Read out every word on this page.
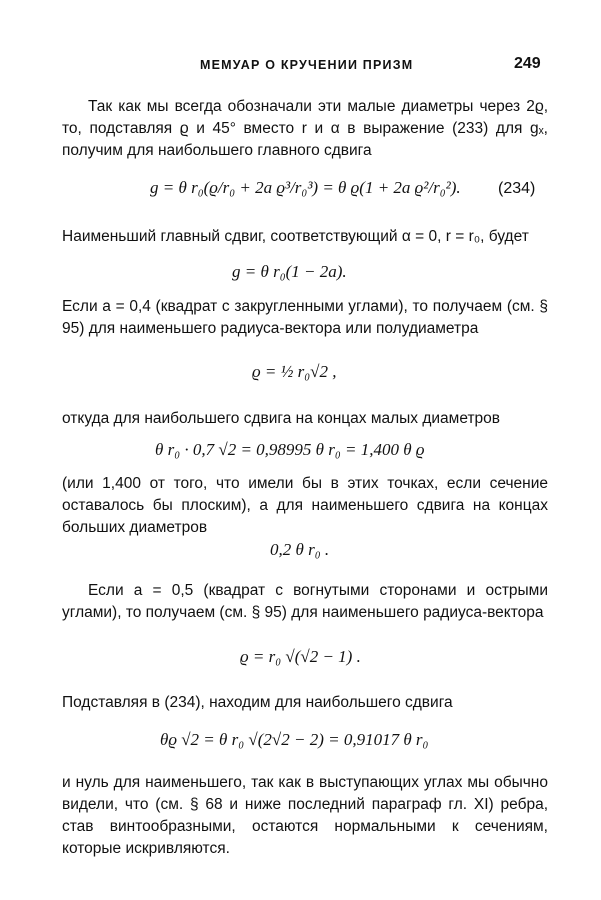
МЕМУАР О КРУЧЕНИИ ПРИЗМ	249
Так как мы всегда обозначали эти малые диаметры через 2ϱ, то, подставляя ϱ и 45° вместо r и α в выражение (233) для gₓ, получим для наибольшего главного сдвига
g = θ r₀(ϱ/r₀ + 2a ϱ³/r₀³) = θ ϱ(1 + 2a ϱ²/r₀²). (234)
Наименьший главный сдвиг, соответствующий α = 0, r = r₀, будет
g = θ r₀(1 − 2a).
Если a = 0,4 (квадрат с закругленными углами), то получаем (см. § 95) для наименьшего радиуса-вектора или полудиаметра
ϱ = ½ r₀√2 ,
откуда для наибольшего сдвига на концах малых диаметров
θ r₀ · 0,7 √2 = 0,98995 θ r₀ = 1,400 θ ϱ
(или 1,400 от того, что имели бы в этих точках, если сечение оставалось бы плоским), а для наименьшего сдвига на концах больших диаметров
0,2 θ r₀ .
Если a = 0,5 (квадрат с вогнутыми сторонами и острыми углами), то получаем (см. § 95) для наименьшего радиуса-вектора
ϱ = r₀ √(√2 − 1) .
Подставляя в (234), находим для наибольшего сдвига
θϱ √2 = θ r₀ √(2√2 − 2) = 0,91017 θ r₀
и нуль для наименьшего, так как в выступающих углах мы обычно видели, что (см. § 68 и ниже последний параграф гл. XI) ребра, став винтообразными, остаются нормальными к сечениям, которые искривляются.
